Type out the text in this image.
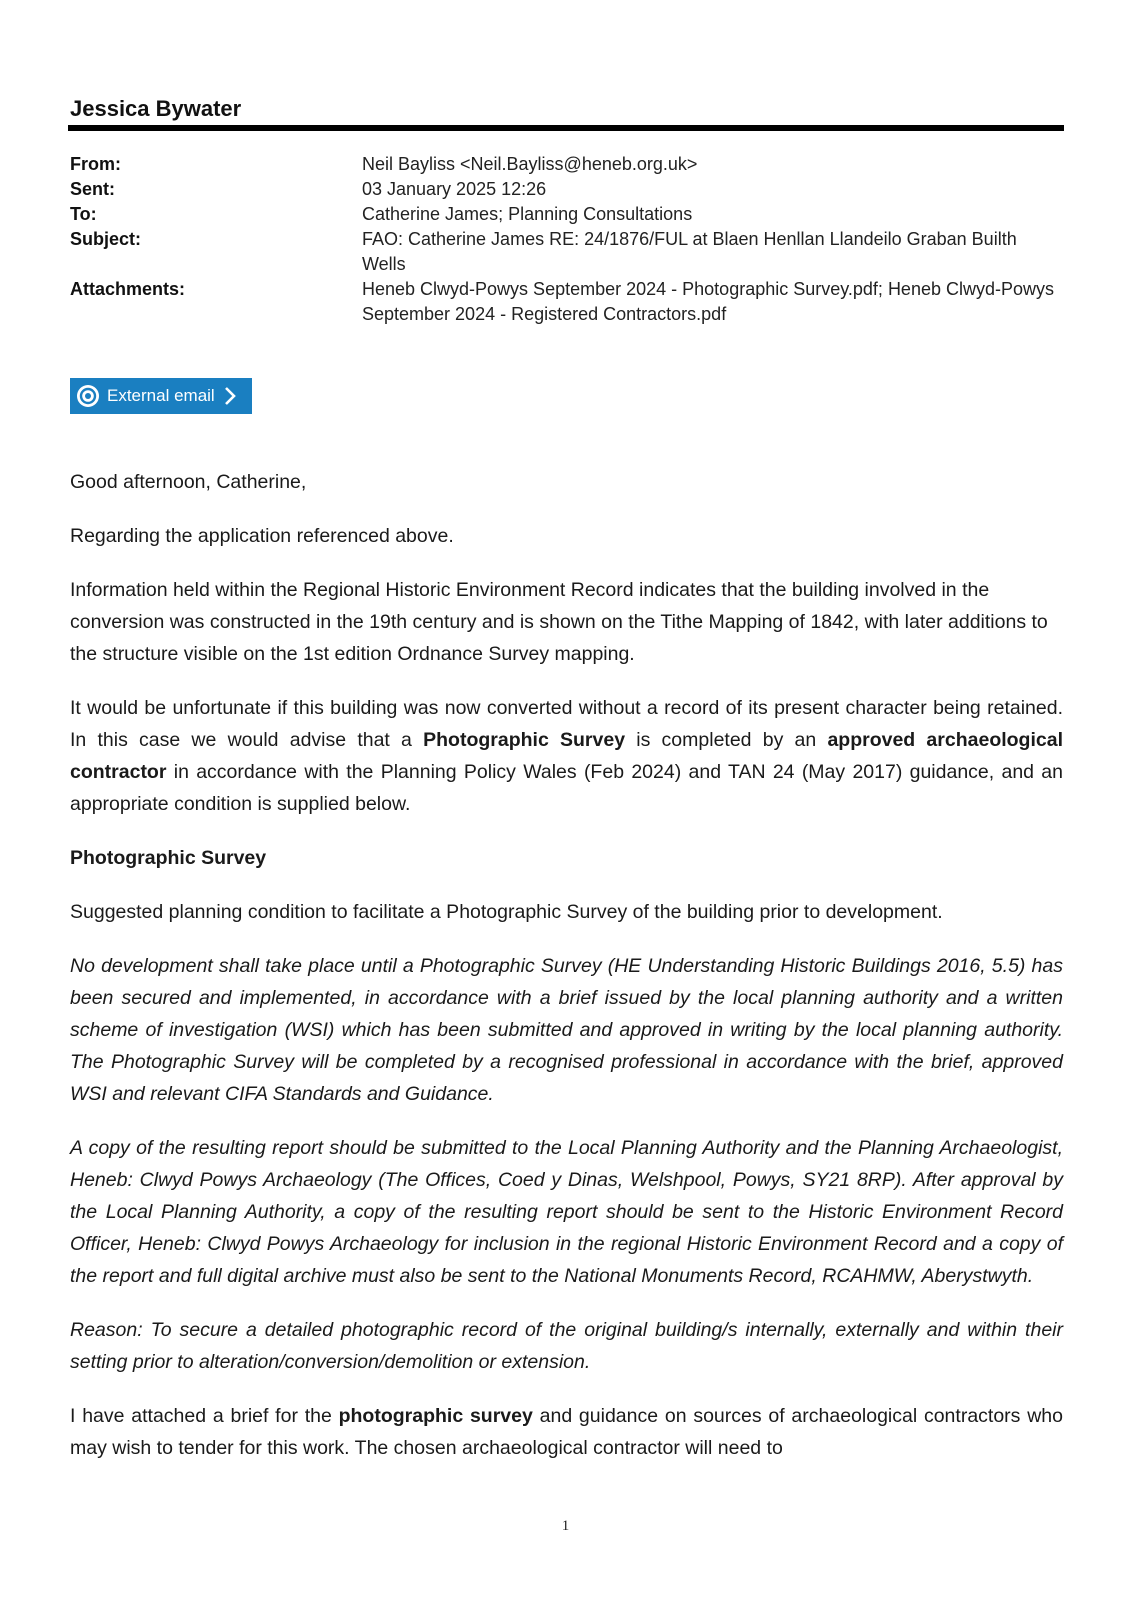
Jessica Bywater
From:	Neil Bayliss <Neil.Bayliss@heneb.org.uk>
Sent:	03 January 2025 12:26
To:	Catherine James; Planning Consultations
Subject:	FAO: Catherine James RE: 24/1876/FUL at Blaen Henllan Llandeilo Graban Builth Wells
Attachments:	Heneb Clwyd-Powys September 2024 - Photographic Survey.pdf; Heneb Clwyd-Powys September 2024 - Registered Contractors.pdf
External email

Good afternoon, Catherine,

Regarding the application referenced above.

Information held within the Regional Historic Environment Record indicates that the building involved in the conversion was constructed in the 19th century and is shown on the Tithe Mapping of 1842, with later additions to the structure visible on the 1st edition Ordnance Survey mapping.

It would be unfortunate if this building was now converted without a record of its present character being retained. In this case we would advise that a Photographic Survey is completed by an approved archaeological contractor in accordance with the Planning Policy Wales (Feb 2024) and TAN 24 (May 2017) guidance, and an appropriate condition is supplied below.

Photographic Survey

Suggested planning condition to facilitate a Photographic Survey of the building prior to development.

No development shall take place until a Photographic Survey (HE Understanding Historic Buildings 2016, 5.5) has been secured and implemented, in accordance with a brief issued by the local planning authority and a written scheme of investigation (WSI) which has been submitted and approved in writing by the local planning authority. The Photographic Survey will be completed by a recognised professional in accordance with the brief, approved WSI and relevant CIFA Standards and Guidance.

A copy of the resulting report should be submitted to the Local Planning Authority and the Planning Archaeologist, Heneb: Clwyd Powys Archaeology (The Offices, Coed y Dinas, Welshpool, Powys, SY21 8RP). After approval by the Local Planning Authority, a copy of the resulting report should be sent to the Historic Environment Record Officer, Heneb: Clwyd Powys Archaeology for inclusion in the regional Historic Environment Record and a copy of the report and full digital archive must also be sent to the National Monuments Record, RCAHMW, Aberystwyth.

Reason: To secure a detailed photographic record of the original building/s internally, externally and within their setting prior to alteration/conversion/demolition or extension.

I have attached a brief for the photographic survey and guidance on sources of archaeological contractors who may wish to tender for this work. The chosen archaeological contractor will need to

1
